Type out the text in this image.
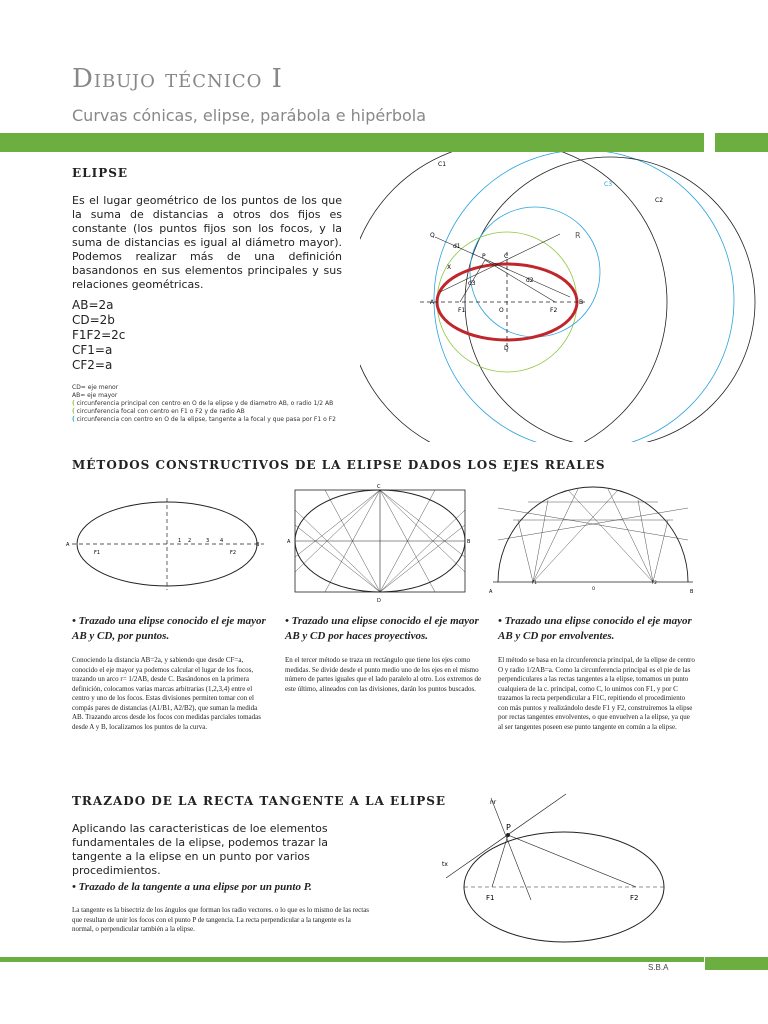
Dibujo técnico I
Curvas cónicas, elipse, parábola e hipérbola
ELIPSE
Es el lugar geométrico de los puntos de los que la suma de distancias a otros dos fijos es constante (los puntos fijos son los focos, y la suma de distancias es igual al diámetro mayor). Podemos realizar más de una definición basandonos en sus elementos principales y sus relaciones geométricas.
AB=2a
CD=2b
F1F2=2c
CF1=a
CF2=a
CD= eje menor
AB= eje mayor
( circunferencia principal con centro en O de la elipse y de diametro AB, o radio 1/2 AB
( circunferencia focal con centro en F1 o F2 y de radio AB
( circunferencia con centro en O de la elipse, tangente a la focal y que pasa por F1 o F2
C1
C3
C2
Q
d1
P	C
R
d2
X
d3
A
F1	O	F2
B
D
MÉTODOS CONSTRUCTIVOS DE LA ELIPSE DADOS LOS EJES REALES
A
F1
1 2	3 4
F2
B
C
A	B
D
A
F1
O
F2
B
• Trazado una elipse conocido el eje mayor AB y CD, por puntos.
• Trazado una elipse conocido el eje mayor AB y CD por haces proyectivos.
• Trazado una elipse conocido el eje mayor AB y CD por envolventes.
Conociendo la distancia AB=2a, y sabiendo que desde CF=a, conocido el eje mayor ya podemos calcular el lugar de los focos, trazando un arco r= 1/2AB, desde C. Basándonos en la primera definición, colocamos varias marcas arbitrarias (1,2,3,4) entre el centro y uno de los focos. Estas divisiones permiten tomar con el compás pares de distancias (A1/B1, A2/B2), que suman la medida AB. Trazando arcos desde los focos con medidas parciales tomadas desde A y B, localizamos los puntos de la curva.
En el tercer método se traza un rectángulo que tiene los ejes como medidas. Se divide desde el punto medio uno de los ejes en el mismo número de partes iguales que el lado paralelo al otro. Los extremos de este último, alineados con las divisiones, darán los puntos buscados.
El método se basa en la circunferencia principal, de la elipse de centro O y radio 1/2AB=a. Como la circunferencia principal es el pie de las perpendiculares a las rectas tangentes a la elipse, tomamos un punto cualquiera de la c. principal, como C, lo unimos con F1, y por C trazamos la recta perpendicular a F1C, repitiendo el procedimiento con más puntos y realizándolo desde F1 y F2, construiremos la elipse por rectas tangentes envolventes, o que envuelven a la elipse, ya que al ser tangentes poseen ese punto tangente en común a la elipse.
TRAZADO DE LA RECTA TANGENTE A LA ELIPSE
Aplicando las caracteristicas de loe elementos fundamentales de la elipse, podemos trazar la tangente a la elipse en un punto por varios procedimientos.
• Trazado de la tangente a una elipse por un punto P.
La tangente es la bisectriz de los ángulos que forman los radio vectores. o lo que es lo mismo de las rectas que resultan de unir los focos con el punto P de tangencia. La recta perpendicular a la tangente es la normal, o perpendicular también a la elipse.
nr
P
tx
F1	F2
S.B.A
